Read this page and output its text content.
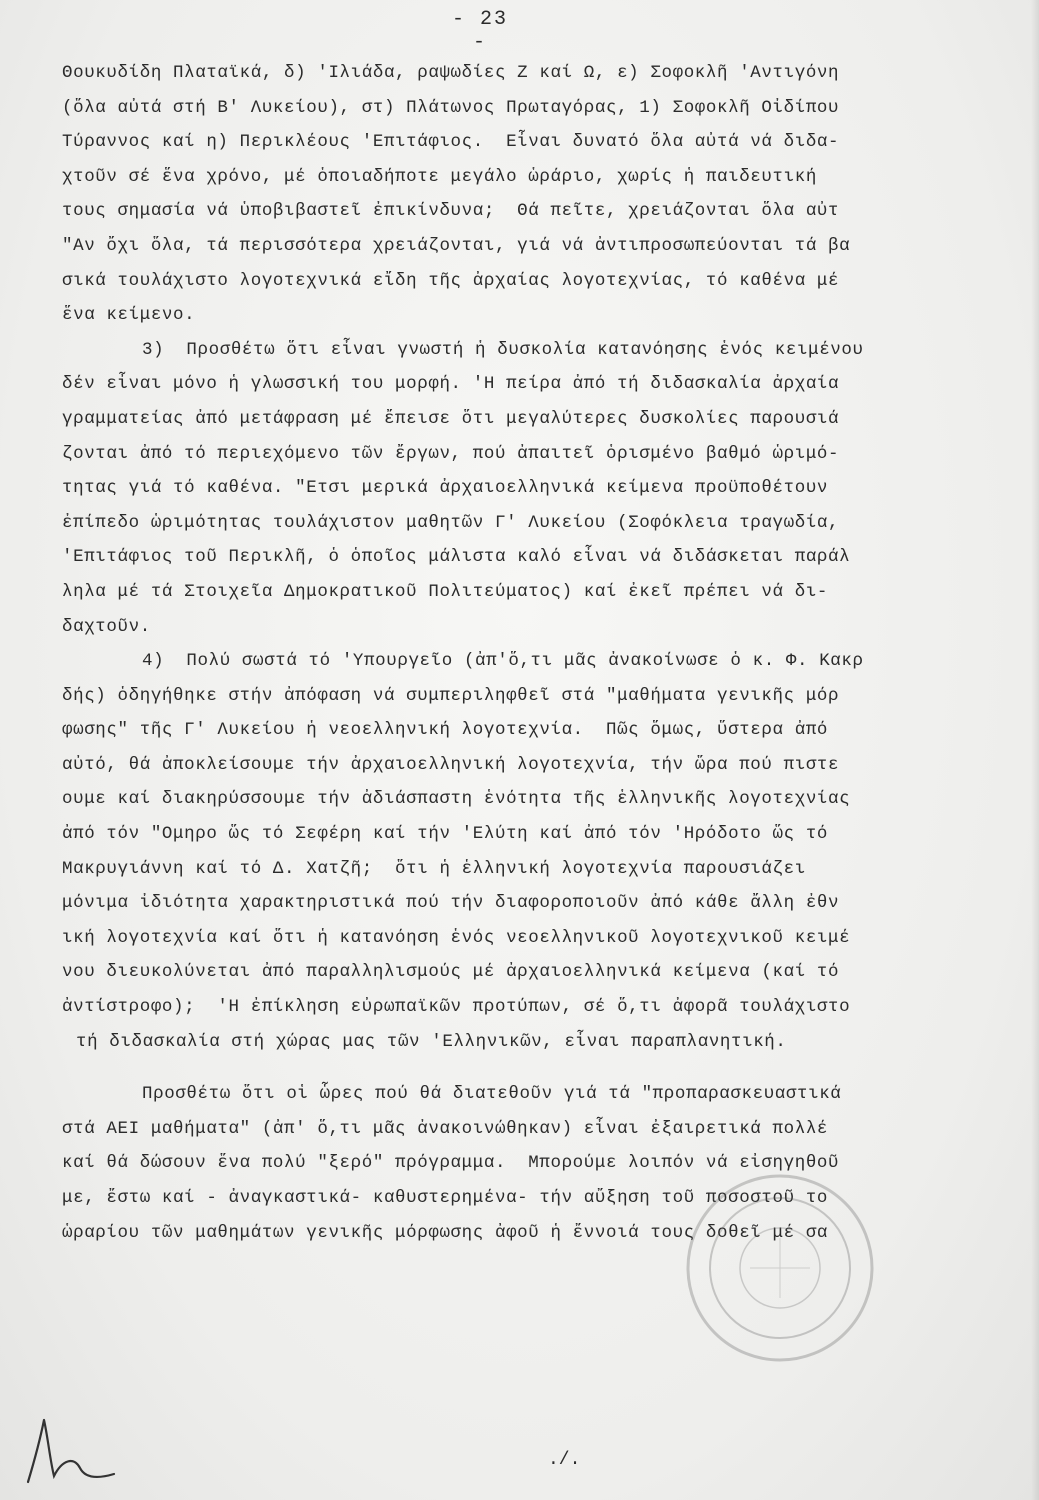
- 23 -
Θουκυδίδη Πλαταϊκά, δ) 'Ιλιάδα, ραψωδίες Ζ καί Ω, ε) Σοφοκλῆ 'Αντιγόνη
(ὅλα αὐτά στή Β' Λυκείου), στ) Πλάτωνος Πρωταγόρας, 1) Σοφοκλῆ Οἰδίπου
Τύραννος καί η) Περικλέους 'Επιτάφιος.  Εἶναι δυνατό ὅλα αὐτά νά διδα-
χτοῦν σέ ἕνα χρόνο, μέ ὁποιαδήποτε μεγάλο ὡράριο, χωρίς ἡ παιδευτική
τους σημασία νά ὑποβιβαστεῖ ἐπικίνδυνα;  Θά πεῖτε, χρειάζονται ὅλα αὐτ
"Αν ὄχι ὅλα, τά περισσότερα χρειάζονται, γιά νά ἀντιπροσωπεύονται τά βα
σικά τουλάχιστο λογοτεχνικά εἴδη τῆς ἀρχαίας λογοτεχνίας, τό καθένα μέ
ἕνα κείμενο.
3)  Προσθέτω ὅτι εἶναι γνωστή ἡ δυσκολία κατανόησης ἑνός κειμένου
δέν εἶναι μόνο ἡ γλωσσική του μορφή. 'Η πείρα ἀπό τή διδασκαλία ἀρχαία
γραμματείας ἀπό μετάφραση μέ ἔπεισε ὅτι μεγαλύτερες δυσκολίες παρουσιά
ζονται ἀπό τό περιεχόμενο τῶν ἔργων, πού ἀπαιτεῖ ὁρισμένο βαθμό ὡριμό-
τητας γιά τό καθένα. "Ετσι μερικά ἀρχαιοελληνικά κείμενα προϋποθέτουν
ἐπίπεδο ὡριμότητας τουλάχιστον μαθητῶν Γ' Λυκείου (Σοφόκλεια τραγωδία,
'Επιτάφιος τοῦ Περικλῆ, ὁ ὁποῖος μάλιστα καλό εἶναι νά διδάσκεται παράλ
ληλα μέ τά Στοιχεῖα Δημοκρατικοῦ Πολιτεύματος) καί ἐκεῖ πρέπει νά δι-
δαχτοῦν.
4)  Πολύ σωστά τό 'Υπουργεῖο (ἀπ'ὅ,τι μᾶς ἀνακοίνωσε ὁ κ. Φ. Κακρ
δής) ὁδηγήθηκε στήν ἀπόφαση νά συμπεριληφθεῖ στά "μαθήματα γενικῆς μόρ
φωσης" τῆς Γ' Λυκείου ἡ νεοελληνική λογοτεχνία.  Πῶς ὅμως, ὕστερα ἀπό
αὐτό, θά ἀποκλείσουμε τήν ἀρχαιοελληνική λογοτεχνία, τήν ὥρα πού πιστε
ουμε καί διακηρύσσουμε τήν ἀδιάσπαστη ἑνότητα τῆς ἑλληνικῆς λογοτεχνίας
ἀπό τόν "Ομηρο ὥς τό Σεφέρη καί τήν 'Ελύτη καί ἀπό τόν 'Ηρόδοτο ὥς τό
Μακρυγιάννη καί τό Δ. Χατζῆ;  ὅτι ἡ ἑλληνική λογοτεχνία παρουσιάζει
μόνιμα ἰδιότητα χαρακτηριστικά πού τήν διαφοροποιοῦν ἀπό κάθε ἄλλη ἐθν
ική λογοτεχνία καί ὅτι ἡ κατανόηση ἑνός νεοελληνικοῦ λογοτεχνικοῦ κειμέ
νου διευκολύνεται ἀπό παραλληλισμούς μέ ἀρχαιοελληνικά κείμενα (καί τό
ἀντίστροφο);  'Η ἐπίκληση εὐρωπαϊκῶν προτύπων, σέ ὅ,τι ἀφορᾶ τουλάχιστο
τή διδασκαλία στή χώρας μας τῶν 'Ελληνικῶν, εἶναι παραπλανητική.
Προσθέτω ὅτι οἱ ὧρες πού θά διατεθοῦν γιά τά "προπαρασκευαστικά
στά ΑΕΙ μαθήματα" (ἀπ' ὅ,τι μᾶς ἀνακοινώθηκαν) εἶναι ἐξαιρετικά πολλέ
καί θά δώσουν ἕνα πολύ "ξερό" πρόγραμμα.  Μπορούμε λοιπόν νά εἰσηγηθοῦ
με, ἔστω καί - ἀναγκαστικά- καθυστερημένα- τήν αὔξηση τοῦ ποσοστοῦ το
ὡραρίου τῶν μαθημάτων γενικῆς μόρφωσης ἀφοῦ ἡ ἔννοιά τους δοθεῖ μέ σα
./.
